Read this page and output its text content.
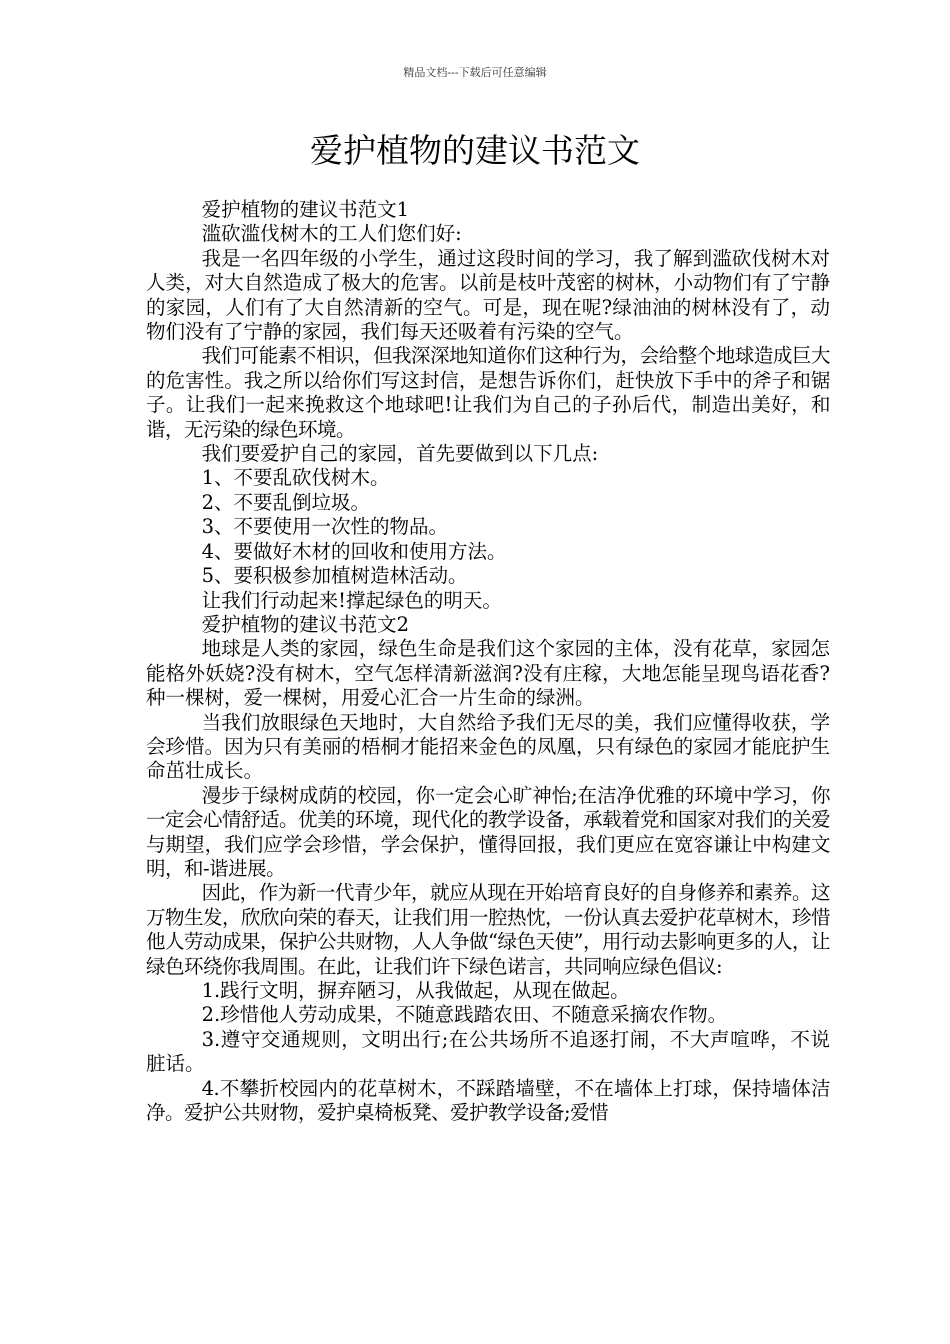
精品文档---下载后可任意编辑
爱护植物的建议书范文

爱护植物的建议书范文1

滥砍滥伐树木的工人们您们好:

我是一名四年级的小学生，通过这段时间的学习，我了解到滥砍伐树木对人类，对大自然造成了极大的危害。以前是枝叶茂密的树林，小动物们有了宁静的家园，人们有了大自然清新的空气。可是，现在呢?绿油油的树林没有了，动物们没有了宁静的家园，我们每天还吸着有污染的空气。

我们可能素不相识，但我深深地知道你们这种行为，会给整个地球造成巨大的危害性。我之所以给你们写这封信，是想告诉你们，赶快放下手中的斧子和锯子。让我们一起来挽救这个地球吧!让我们为自己的子孙后代，制造出美好，和谐，无污染的绿色环境。

我们要爱护自己的家园，首先要做到以下几点:

1、不要乱砍伐树木。

2、不要乱倒垃圾。

3、不要使用一次性的物品。

4、要做好木材的回收和使用方法。

5、要积极参加植树造林活动。

让我们行动起来!撑起绿色的明天。

爱护植物的建议书范文2

地球是人类的家园，绿色生命是我们这个家园的主体，没有花草，家园怎能格外妖娆?没有树木，空气怎样清新滋润?没有庄稼，大地怎能呈现鸟语花香?种一棵树，爱一棵树，用爱心汇合一片生命的绿洲。

当我们放眼绿色天地时，大自然给予我们无尽的美，我们应懂得收获，学会珍惜。因为只有美丽的梧桐才能招来金色的凤凰，只有绿色的家园才能庇护生命茁壮成长。

漫步于绿树成荫的校园，你一定会心旷神怡;在洁净优雅的环境中学习，你一定会心情舒适。优美的环境，现代化的教学设备，承载着党和国家对我们的关爱与期望，我们应学会珍惜，学会保护，懂得回报，我们更应在宽容谦让中构建文明，和-谐进展。

因此，作为新一代青少年，就应从现在开始培育良好的自身修养和素养。这万物生发，欣欣向荣的春天，让我们用一腔热忱，一份认真去爱护花草树木，珍惜他人劳动成果，保护公共财物，人人争做“绿色天使”，用行动去影响更多的人，让绿色环绕你我周围。在此，让我们许下绿色诺言，共同响应绿色倡议:

1.践行文明，摒弃陋习，从我做起，从现在做起。

2.珍惜他人劳动成果，不随意践踏农田、不随意采摘农作物。

3.遵守交通规则，文明出行;在公共场所不追逐打闹，不大声喧哗，不说脏话。

4.不攀折校园内的花草树木，不踩踏墙壁，不在墙体上打球，保持墙体洁净。爱护公共财物，爱护桌椅板凳、爱护教学设备;爱惜
